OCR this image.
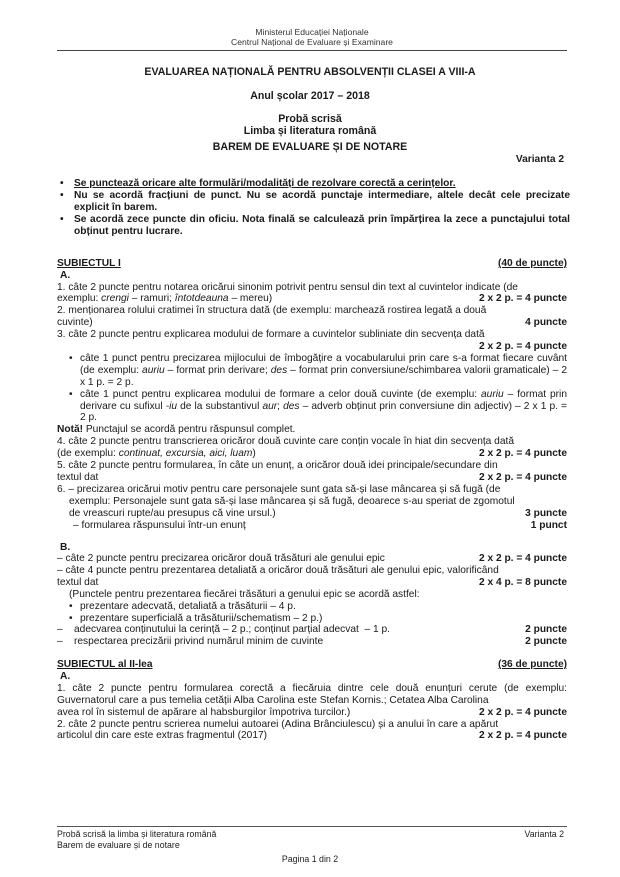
Ministerul Educației Naționale
Centrul Național de Evaluare și Examinare
EVALUAREA NAȚIONALĂ PENTRU ABSOLVENȚII CLASEI A VIII-A
Anul școlar 2017 – 2018
Probă scrisă
Limba și literatura română
BAREM DE EVALUARE ȘI DE NOTARE
Varianta 2
• Se punctează oricare alte formulări/modalități de rezolvare corectă a cerințelor.
• Nu se acordă fracțiuni de punct. Nu se acordă punctaje intermediare, altele decât cele precizate explicit în barem.
• Se acordă zece puncte din oficiu. Nota finală se calculează prin împărțirea la zece a punctajului total obținut pentru lucrare.
SUBIECTUL I	(40 de puncte)
A.
1. câte 2 puncte pentru notarea oricărui sinonim potrivit pentru sensul din text al cuvintelor indicate (de
exemplu: crengi – ramuri; întotdeauna – mereu)	2 x 2 p. = 4 puncte
2. menționarea rolului cratimei în structura dată (de exemplu: marchează rostirea legată a două
cuvinte)	4 puncte
3. câte 2 puncte pentru explicarea modului de formare a cuvintelor subliniate din secvența dată
2 x 2 p. = 4 puncte
• câte 1 punct pentru precizarea mijlocului de îmbogățire a vocabularului prin care s-a format fiecare cuvânt (de exemplu: auriu – format prin derivare; des – format prin conversiune/schimbarea valorii gramaticale) – 2 x 1 p. = 2 p.
• câte 1 punct pentru explicarea modului de formare a celor două cuvinte (de exemplu: auriu – format prin derivare cu sufixul -iu de la substantivul aur; des – adverb obținut prin conversiune din adjectiv) – 2 x 1 p. = 2 p.
Notă! Punctajul se acordă pentru răspunsul complet.
4. câte 2 puncte pentru transcrierea oricăror două cuvinte care conțin vocale în hiat din secvența dată
(de exemplu: continuat, excursia, aici, luam)	2 x 2 p. = 4 puncte
5. câte 2 puncte pentru formularea, în câte un enunț, a oricăror două idei principale/secundare din
textul dat	2 x 2 p. = 4 puncte
6. – precizarea oricărui motiv pentru care personajele sunt gata să-și lase mâncarea și să fugă (de
exemplu: Personajele sunt gata să-și lase mâncarea și să fugă, deoarece s-au speriat de zgomotul
de vreascuri rupte/au presupus că vine ursul.)	3 puncte
– formularea răspunsului într-un enunț	1 punct
B.
– câte 2 puncte pentru precizarea oricăror două trăsături ale genului epic	2 x 2 p. = 4 puncte
– câte 4 puncte pentru prezentarea detaliată a oricăror două trăsături ale genului epic, valorificând
textul dat	2 x 4 p. = 8 puncte
(Punctele pentru prezentarea fiecărei trăsături a genului epic se acordă astfel:
• prezentare adecvată, detaliată a trăsăturii – 4 p.
• prezentare superficială a trăsăturii/schematism – 2 p.)
–    adecvarea conținutului la cerință – 2 p.; conținut parțial adecvat  – 1 p.	2 puncte
–    respectarea precizării privind numărul minim de cuvinte	2 puncte
SUBIECTUL al II-lea	(36 de puncte)
A.
1. câte 2 puncte pentru formularea corectă a fiecăruia dintre cele două enunțuri cerute (de exemplu: Guvernatorul care a pus temelia cetății Alba Carolina este Stefan Kornis.; Cetatea Alba Carolina
avea rol în sistemul de apărare al habsburgilor împotriva turcilor.)	2 x 2 p. = 4 puncte
2. câte 2 puncte pentru scrierea numelui autoarei (Adina Brânciulescu) și a anului în care a apărut
articolul din care este extras fragmentul (2017)	2 x 2 p. = 4 puncte
Probă scrisă la limba și literatura română
Barem de evaluare și de notare
Varianta 2
Pagina 1 din 2
